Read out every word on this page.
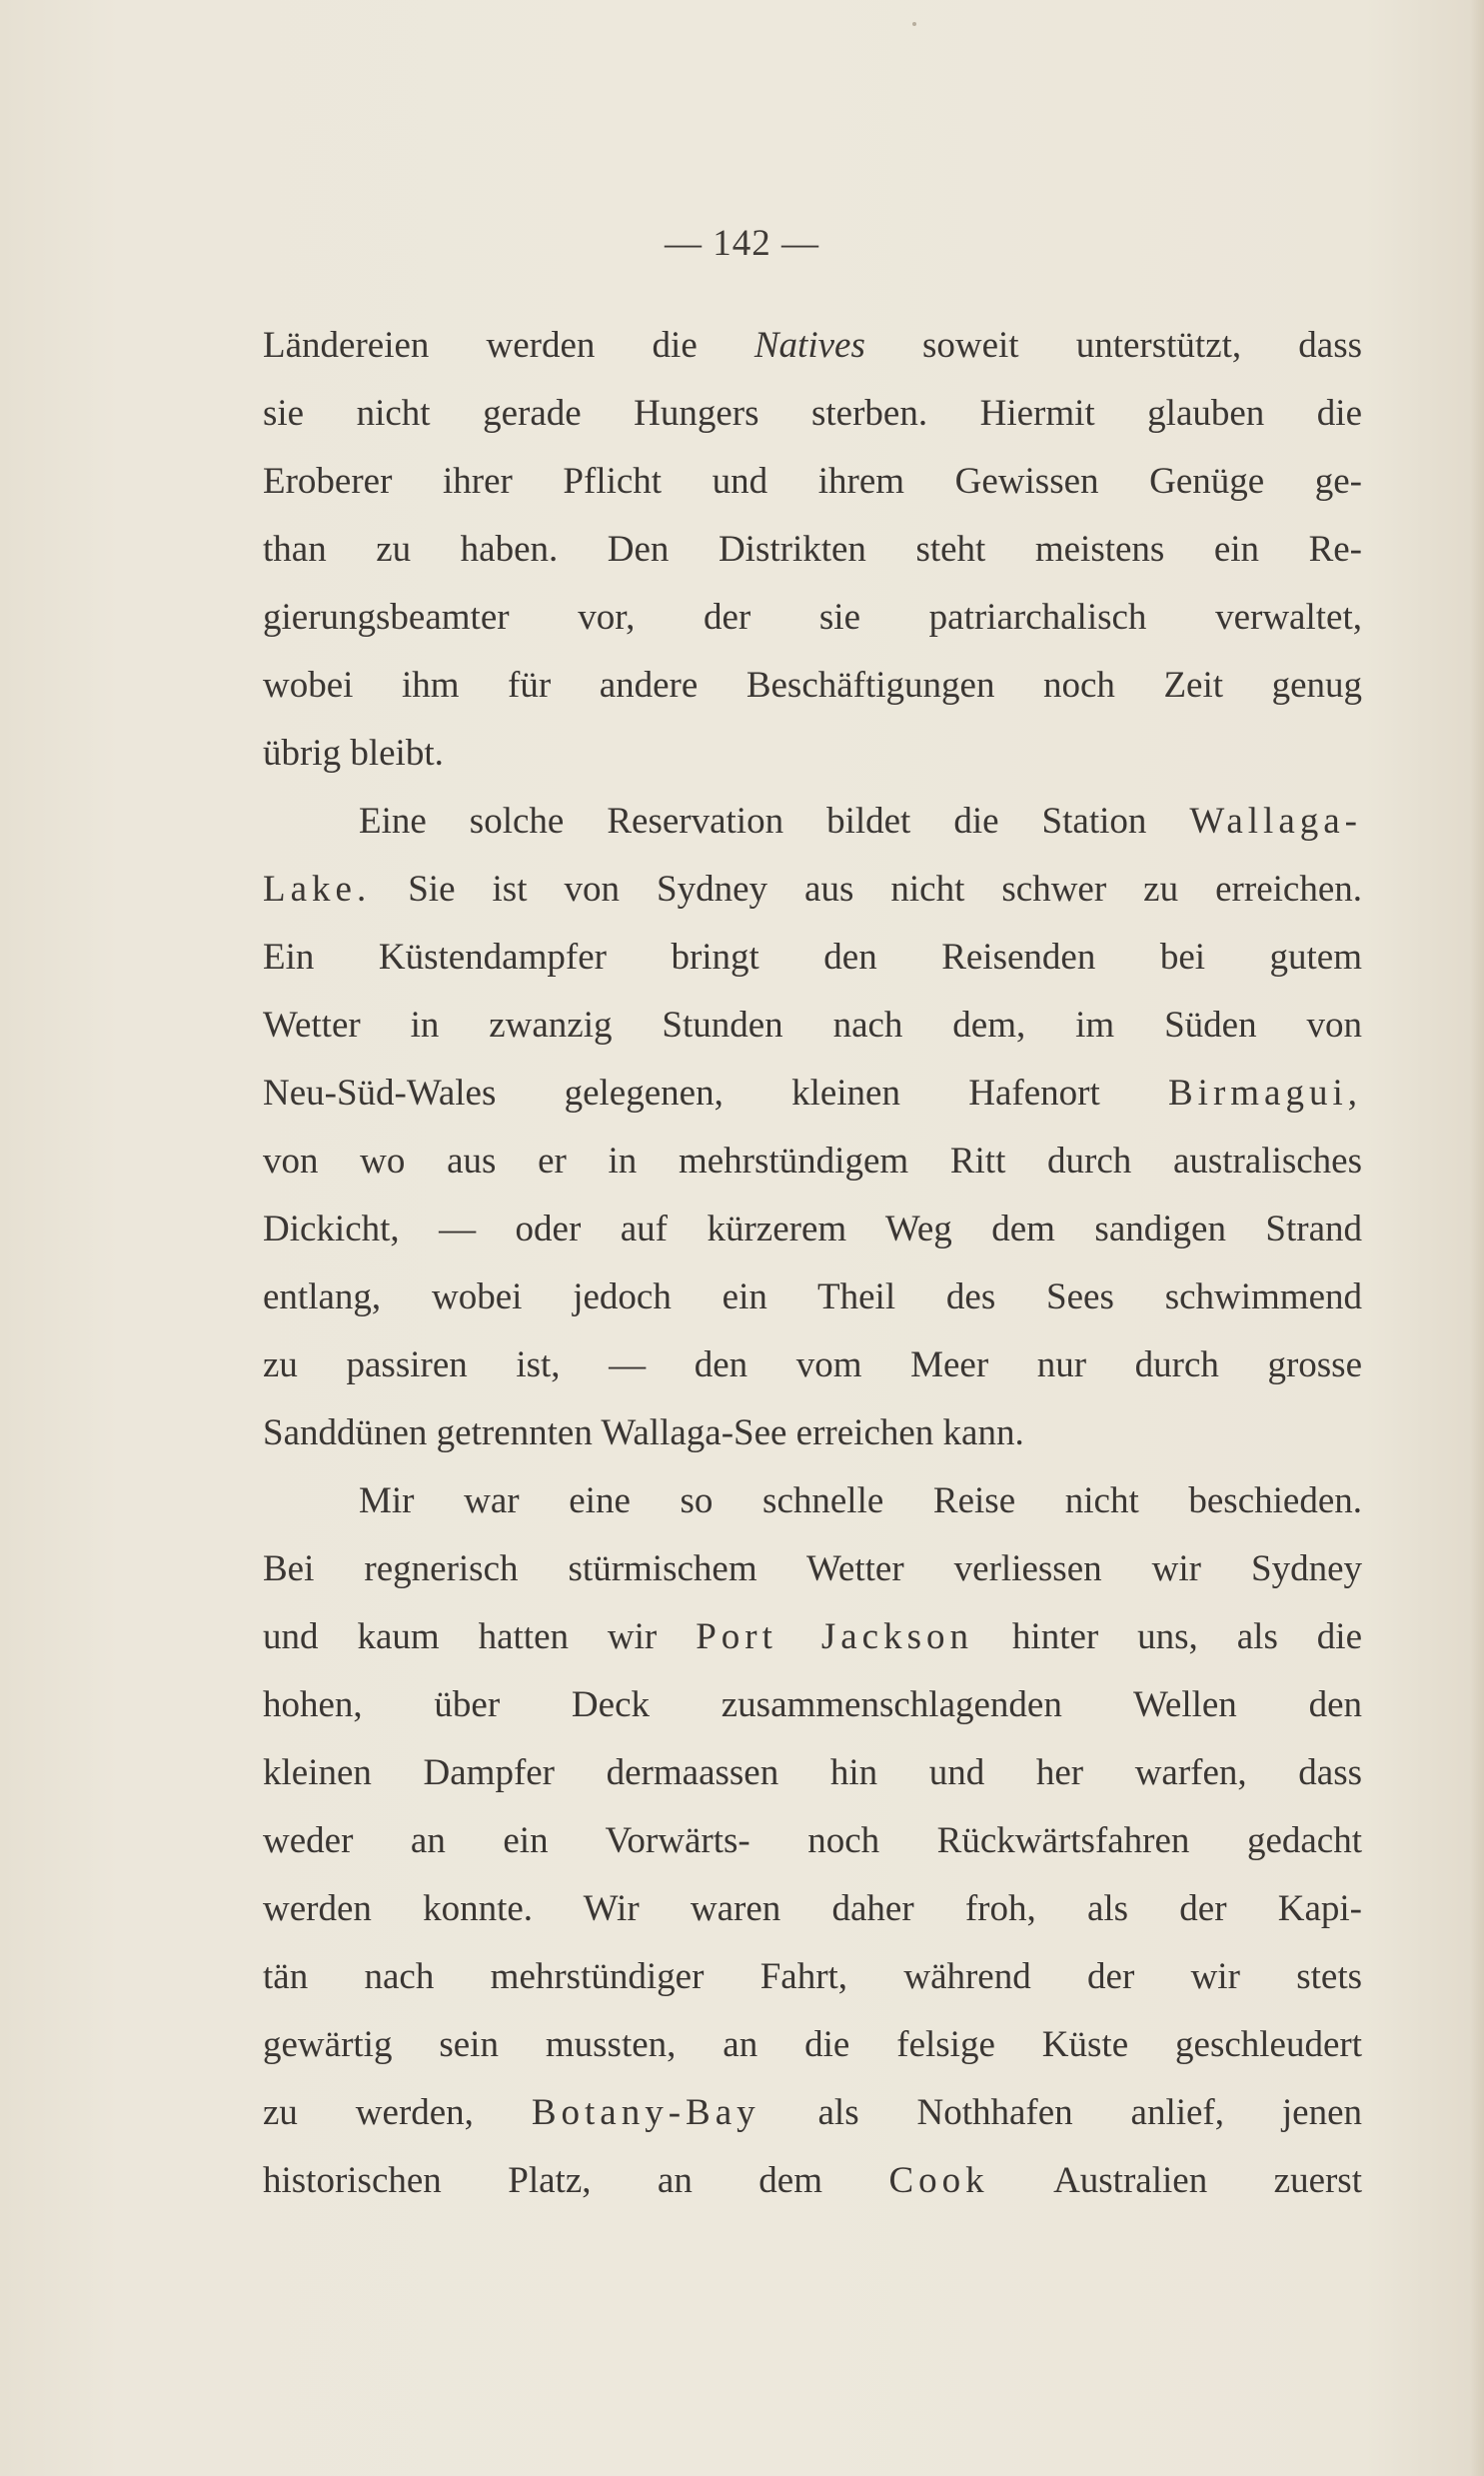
— 142 —
Ländereien werden die Natives soweit unterstützt, dass
sie nicht gerade Hungers sterben. Hiermit glauben die
Eroberer ihrer Pflicht und ihrem Gewissen Genüge ge-
than zu haben. Den Distrikten steht meistens ein Re-
gierungsbeamter vor, der sie patriarchalisch verwaltet,
wobei ihm für andere Beschäftigungen noch Zeit genug
übrig bleibt.
Eine solche Reservation bildet die Station Wallaga-
Lake. Sie ist von Sydney aus nicht schwer zu erreichen.
Ein Küstendampfer bringt den Reisenden bei gutem
Wetter in zwanzig Stunden nach dem, im Süden von
Neu-Süd-Wales gelegenen, kleinen Hafenort Birmagui,
von wo aus er in mehrstündigem Ritt durch australisches
Dickicht, — oder auf kürzerem Weg dem sandigen Strand
entlang, wobei jedoch ein Theil des Sees schwimmend
zu passiren ist, — den vom Meer nur durch grosse
Sanddünen getrennten Wallaga-See erreichen kann.
Mir war eine so schnelle Reise nicht beschieden.
Bei regnerisch stürmischem Wetter verliessen wir Sydney
und kaum hatten wir Port Jackson hinter uns, als die
hohen, über Deck zusammenschlagenden Wellen den
kleinen Dampfer dermaassen hin und her warfen, dass
weder an ein Vorwärts- noch Rückwärtsfahren gedacht
werden konnte. Wir waren daher froh, als der Kapi-
tän nach mehrstündiger Fahrt, während der wir stets
gewärtig sein mussten, an die felsige Küste geschleudert
zu werden, Botany-Bay als Nothhafen anlief, jenen
historischen Platz, an dem Cook Australien zuerst
